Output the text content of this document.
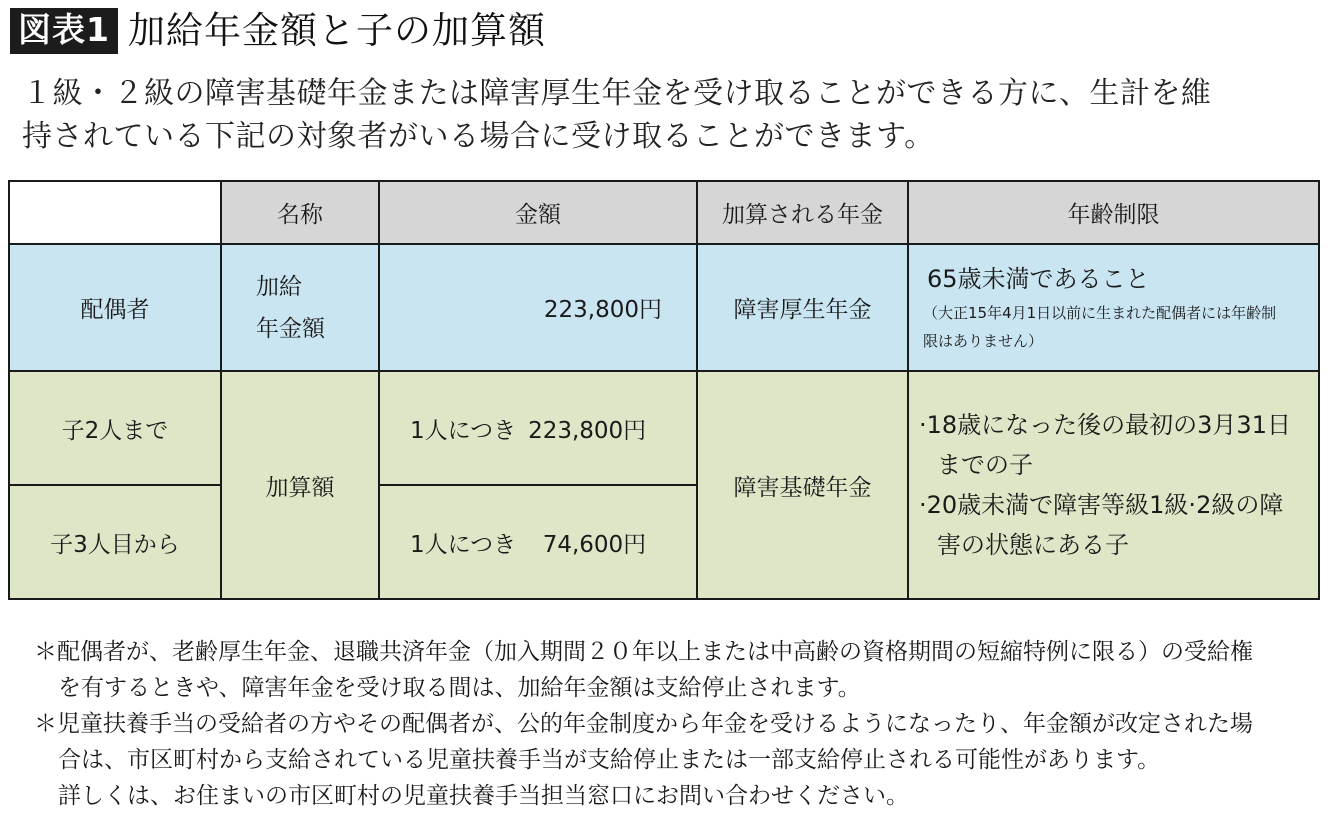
図表1 加給年金額と子の加算額
１級・２級の障害基礎年金または障害厚生年金を受け取ることができる方に、生計を維
持されている下記の対象者がいる場合に受け取ることができます。
	名称	金額	加算される年金	年齢制限
配偶者	加給
年金額	223,800円	障害厚生年金	65歳未満であること
（大正15年4月1日以前に生まれた配偶者には年齢制
限はありません）

子2人まで	加算額	1人につき 223,800円	障害基礎年金	·18歳になった後の最初の3月31日
までの子
·20歳未満で障害等級1級·2級の障
害の状態にある子

子3人目から		1人につき 74,600円		
＊配偶者が、老齢厚生年金、退職共済年金（加入期間２０年以上または中高齢の資格期間の短縮特例に限る）の受給権
を有するときや、障害年金を受け取る間は、加給年金額は支給停止されます。
＊児童扶養手当の受給者の方やその配偶者が、公的年金制度から年金を受けるようになったり、年金額が改定された場
合は、市区町村から支給されている児童扶養手当が支給停止または一部支給停止される可能性があります。
詳しくは、お住まいの市区町村の児童扶養手当担当窓口にお問い合わせください。
